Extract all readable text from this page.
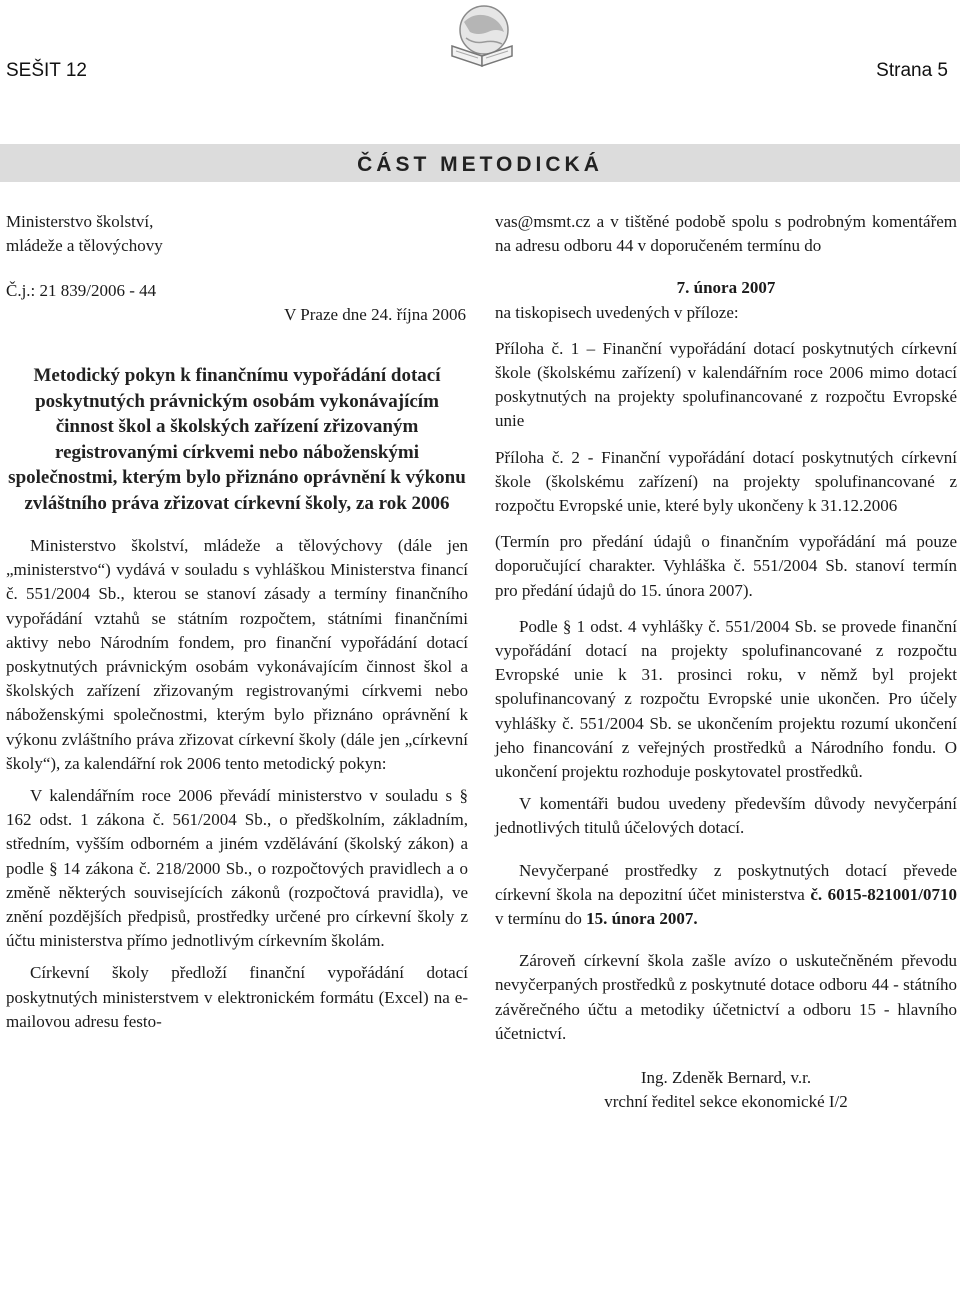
SEŠIT 12	Strana 5
ČÁST METODICKÁ
Ministerstvo školství,
mládeže a tělovýchovy
Č.j.: 21 839/2006 - 44
V Praze dne 24. října 2006
Metodický pokyn k finančnímu vypořádání dotací poskytnutých právnickým osobám vykonávajícím činnost škol a školských zařízení zřizovaným registrovanými církvemi nebo náboženskými společnostmi, kterým bylo přiznáno oprávnění k výkonu zvláštního práva zřizovat církevní školy, za rok 2006

Ministerstvo školství, mládeže a tělovýchovy (dále jen „ministerstvo“) vydává v souladu s vyhláškou Ministerstva financí č. 551/2004 Sb., kterou se stanoví zásady a termíny finančního vypořádání vztahů se státním rozpočtem, státními finančními aktivy nebo Národním fondem, pro finanční vypořádání dotací poskytnutých právnickým osobám vykonávajícím činnost škol a školských zařízení zřizovaným registrovanými církvemi nebo náboženskými společnostmi, kterým bylo přiznáno oprávnění k výkonu zvláštního práva zřizovat církevní školy (dále jen „církevní školy“), za kalendářní rok 2006 tento metodický pokyn:

V kalendářním roce 2006 převádí ministerstvo v souladu s § 162 odst. 1 zákona č. 561/2004 Sb., o předškolním, základním, středním, vyšším odborném a jiném vzdělávání (školský zákon) a podle § 14 zákona č. 218/2000 Sb., o rozpočtových pravidlech a o změně některých souvisejících zákonů (rozpočtová pravidla), ve znění pozdějších předpisů, prostředky určené pro církevní školy z účtu ministerstva přímo jednotlivým církevním školám.

Církevní školy předloží finanční vypořádání dotací poskytnutých ministerstvem v elektronickém formátu (Excel) na e-mailovou adresu festo-

vas@msmt.cz a v tištěné podobě spolu s podrobným komentářem na adresu odboru 44 v doporučeném termínu do

7. února 2007
na tiskopisech uvedených v příloze:

Příloha č. 1 – Finanční vypořádání dotací poskytnutých církevní škole (školskému zařízení) v kalendářním roce 2006 mimo dotací poskytnutých na projekty spolufinancované z rozpočtu Evropské unie

Příloha č. 2 - Finanční vypořádání dotací poskytnutých církevní škole (školskému zařízení) na projekty spolufinancované z rozpočtu Evropské unie, které byly ukončeny k 31.12.2006

(Termín pro předání údajů o finančním vypořádání má pouze doporučující charakter. Vyhláška č. 551/2004 Sb. stanoví termín pro předání údajů do 15. února 2007).

Podle § 1 odst. 4 vyhlášky č. 551/2004 Sb. se provede finanční vypořádání dotací na projekty spolufinancované z rozpočtu Evropské unie k 31. prosinci roku, v němž byl projekt spolufinancovaný z rozpočtu Evropské unie ukončen. Pro účely vyhlášky č. 551/2004 Sb. se ukončením projektu rozumí ukončení jeho financování z veřejných prostředků a Národního fondu. O ukončení projektu rozhoduje poskytovatel prostředků.

V komentáři budou uvedeny především důvody nevyčerpání jednotlivých titulů účelových dotací.

Nevyčerpané prostředky z poskytnutých dotací převede církevní škola na depozitní účet ministerstva č. 6015-821001/0710 v termínu do 15. února 2007.

Zároveň církevní škola zašle avízo o uskutečněném převodu nevyčerpaných prostředků z poskytnuté dotace odboru 44 - státního závěrečného účtu a metodiky účetnictví a odboru 15 - hlavního účetnictví.

Ing. Zdeněk Bernard, v.r.
vrchní ředitel sekce ekonomické I/2
